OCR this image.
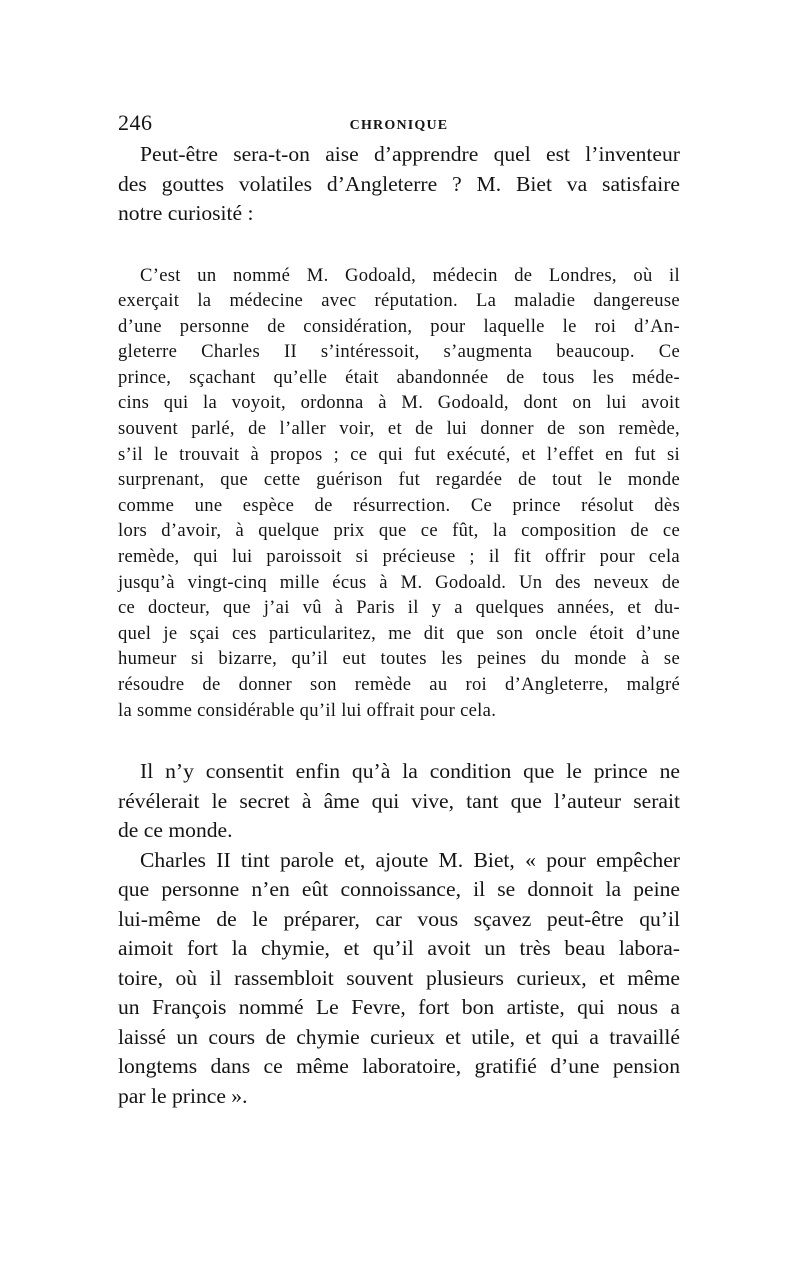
246	CHRONIQUE

Peut-être sera-t-on aise d’apprendre quel est l’inventeur
des gouttes volatiles d’Angleterre ? M. Biet va satisfaire
notre curiosité :

C’est un nommé M. Godoald, médecin de Londres, où il
exerçait la médecine avec réputation. La maladie dangereuse
d’une personne de considération, pour laquelle le roi d’An-
gleterre Charles II s’intéressoit, s’augmenta beaucoup. Ce
prince, sçachant qu’elle était abandonnée de tous les méde-
cins qui la voyoit, ordonna à M. Godoald, dont on lui avoit
souvent parlé, de l’aller voir, et de lui donner de son remède,
s’il le trouvait à propos ; ce qui fut exécuté, et l’effet en fut si
surprenant, que cette guérison fut regardée de tout le monde
comme une espèce de résurrection. Ce prince résolut dès
lors d’avoir, à quelque prix que ce fût, la composition de ce
remède, qui lui paroissoit si précieuse ; il fit offrir pour cela
jusqu’à vingt-cinq mille écus à M. Godoald. Un des neveux de
ce docteur, que j’ai vû à Paris il y a quelques années, et du-
quel je sçai ces particularitez, me dit que son oncle étoit d’une
humeur si bizarre, qu’il eut toutes les peines du monde à se
résoudre de donner son remède au roi d’Angleterre, malgré
la somme considérable qu’il lui offrait pour cela.

Il n’y consentit enfin qu’à la condition que le prince ne
révélerait le secret à âme qui vive, tant que l’auteur serait
de ce monde.

Charles II tint parole et, ajoute M. Biet, « pour empêcher
que personne n’en eût connoissance, il se donnoit la peine
lui-même de le préparer, car vous sçavez peut-être qu’il
aimoit fort la chymie, et qu’il avoit un très beau labora-
toire, où il rassembloit souvent plusieurs curieux, et même
un François nommé Le Fevre, fort bon artiste, qui nous a
laissé un cours de chymie curieux et utile, et qui a travaillé
longtems dans ce même laboratoire, gratifié d’une pension
par le prince ».
